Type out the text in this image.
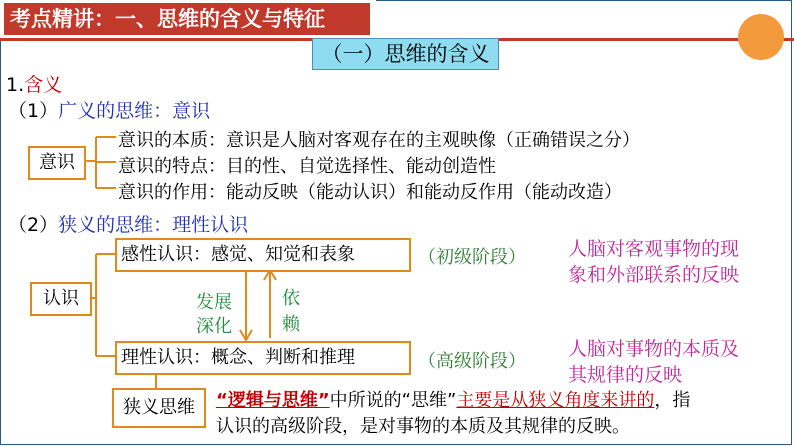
考点精讲：一、思维的含义与特征
（一）思维的含义
1.含义
（1）广义的思维：意识
意识
意识的本质：意识是人脑对客观存在的主观映像（正确错误之分）
意识的特点：目的性、自觉选择性、能动创造性
意识的作用：能动反映（能动认识）和能动反作用（能动改造）
（2）狭义的思维：理性认识
认识
感性认识：感觉、知觉和表象	（初级阶段） 人脑对客观事物的现
象和外部联系的反映
发展
深化
依
赖
理性认识：概念、判断和推理	（高级阶段）
人脑对事物的本质及
其规律的反映
狭义思维	“逻辑与思维”中所说的“思维”主要是从狭义角度来讲的，指
认识的高级阶段，是对事物的本质及其规律的反映。
